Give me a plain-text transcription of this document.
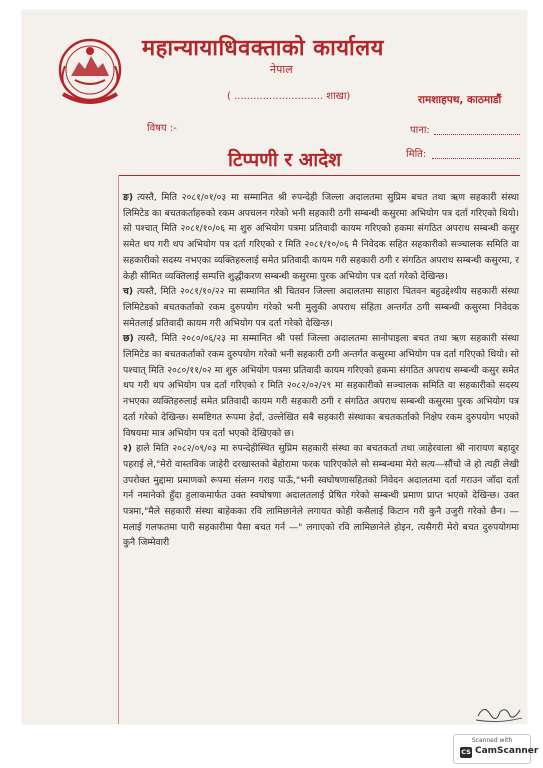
महान्यायाधिवक्ताको कार्यालय
नेपाल
( ............................ शाखा)	रामशाहपथ, काठमाडौं
विषय :-	पाना:
मिति:
टिप्पणी र आदेश

ङ) त्यस्तै, मिति २०८१/०१/०३ मा सम्मानित श्री रुपन्देही जिल्ला अदालतमा सुप्रिम बचत तथा ऋण सहकारी संस्था लिमिटेड का बचतकर्ताहरुको रकम अपचलन गरेको भनी सहकारी ठगी सम्बन्धी कसुरमा अभियोग पत्र दर्ता गरिएको थियो। सो पश्चात् मिति २०८१/१०/०६ मा शुरु अभियोग पत्रमा प्रतिवादी कायम गरिएको हकमा संगठित अपराध सम्बन्धी कसुर समेत थप गरी थप अभियोग पत्र दर्ता गरिएको र मिति २०८१/१०/०६ मै निवेदक सहित सहकारीको सञ्चालक समिति वा सहकारीको सदस्य नभएका व्यक्तिहरुलाई समेत प्रतिवादी कायम गरी सहकारी ठगी र संगठित अपराध सम्बन्धी कसुरमा, र केही सीमित व्यक्तिलाई सम्पत्ति शुद्धीकरण सम्बन्धी कसुरमा पुरक अभियोग पत्र दर्ता गरेको देखिन्छ।

च) त्यस्तै, मिति २०८१/१०/२२ मा सम्मानित श्री चितवन जिल्ला अदालतमा साहारा चितवन बहुउद्देश्यीय सहकारी संस्था लिमिटेडको बचतकर्ताको रकम दुरुपयोग गरेको भनी मुलुकी अपराध संहिता अन्तर्गत ठगी सम्बन्धी कसुरमा निवेदक समेतलाई प्रतिवादी कायम गरी अभियोग पत्र दर्ता गरेको देखिन्छ।

छ) त्यस्तै, मिति २०८०/०६/२३ मा सम्मानित श्री पर्सा जिल्ला अदालतमा सानोपाइला बचत तथा ऋण सहकारी संस्था लिमिटेड का बचतकर्ताको रकम दुरुपयोग गरेको भनी सहकारी ठगी अन्तर्गत कसुरमा अभियोग पत्र दर्ता गरिएको थियो। सो पश्चात् मिति २०८०/११/०२ मा शुरु अभियोग पत्रमा प्रतिवादी कायम गरिएको हकमा संगठित अपराध सम्बन्धी कसुर समेत थप गरी थप अभियोग पत्र दर्ता गरिएको र मिति २०८२/०२/२९ मा सहकारीको सञ्चालक समिति वा सहकारीको सदस्य नभएका व्यक्तिहरुलाई समेत प्रतिवादी कायम गरी सहकारी ठगी र संगठित अपराध सम्बन्धी कसुरमा पुरक अभियोग पत्र दर्ता गरेको देखिन्छ। समष्टिगत रूपमा हेर्दा, उल्लेखित सबै सहकारी संस्थाका बचतकर्ताको निक्षेप रकम दुरुपयोग भएको विषयमा मात्र अभियोग पत्र दर्ता भएको देखिएको छ।

२) हाले मिति २०८२/०९/०३ मा रुपन्देहीस्थित सुप्रिम सहकारी संस्था का बचतकर्ता तथा जाहेरवाला श्री नारायण बहादुर पहराई ले,"मेरो वास्तविक जाहेरी दरखास्तको बेहोरामा फरक पारिएकोले सो सम्बन्धमा मेरो सत्य—सौंचो जे हो त्यही लेखी उपरोक्त मुद्दामा प्रमाणको रूपमा संलग्न गराइ पाऊँ,"भनी स्वघोषणासहितको निवेदन अदालतमा दर्ता गराउन जाँदा दर्ता गर्न नमानेको हुँदा हुलाकमार्फत उक्त स्वघोषणा अदालतलाई प्रेषित गरेको सम्बन्धी प्रमाण प्राप्त भएको देखिन्छ। उक्त पत्रमा,"मैले सहकारी संस्था बाहेकका रवि लामिछानेले लगायत कोही कसैलाई किटान गरी कुनै उजुरी गरेको छैन। — मलाई गलफतमा पारी सहकारीमा पैसा बचत गर्न —" लगाएको रवि लामिछानेले होइन, त्यसैगरी मेरो बचत दुरुपयोगमा कुनै जिम्मेवारी

Scanned with
CS CamScanner
